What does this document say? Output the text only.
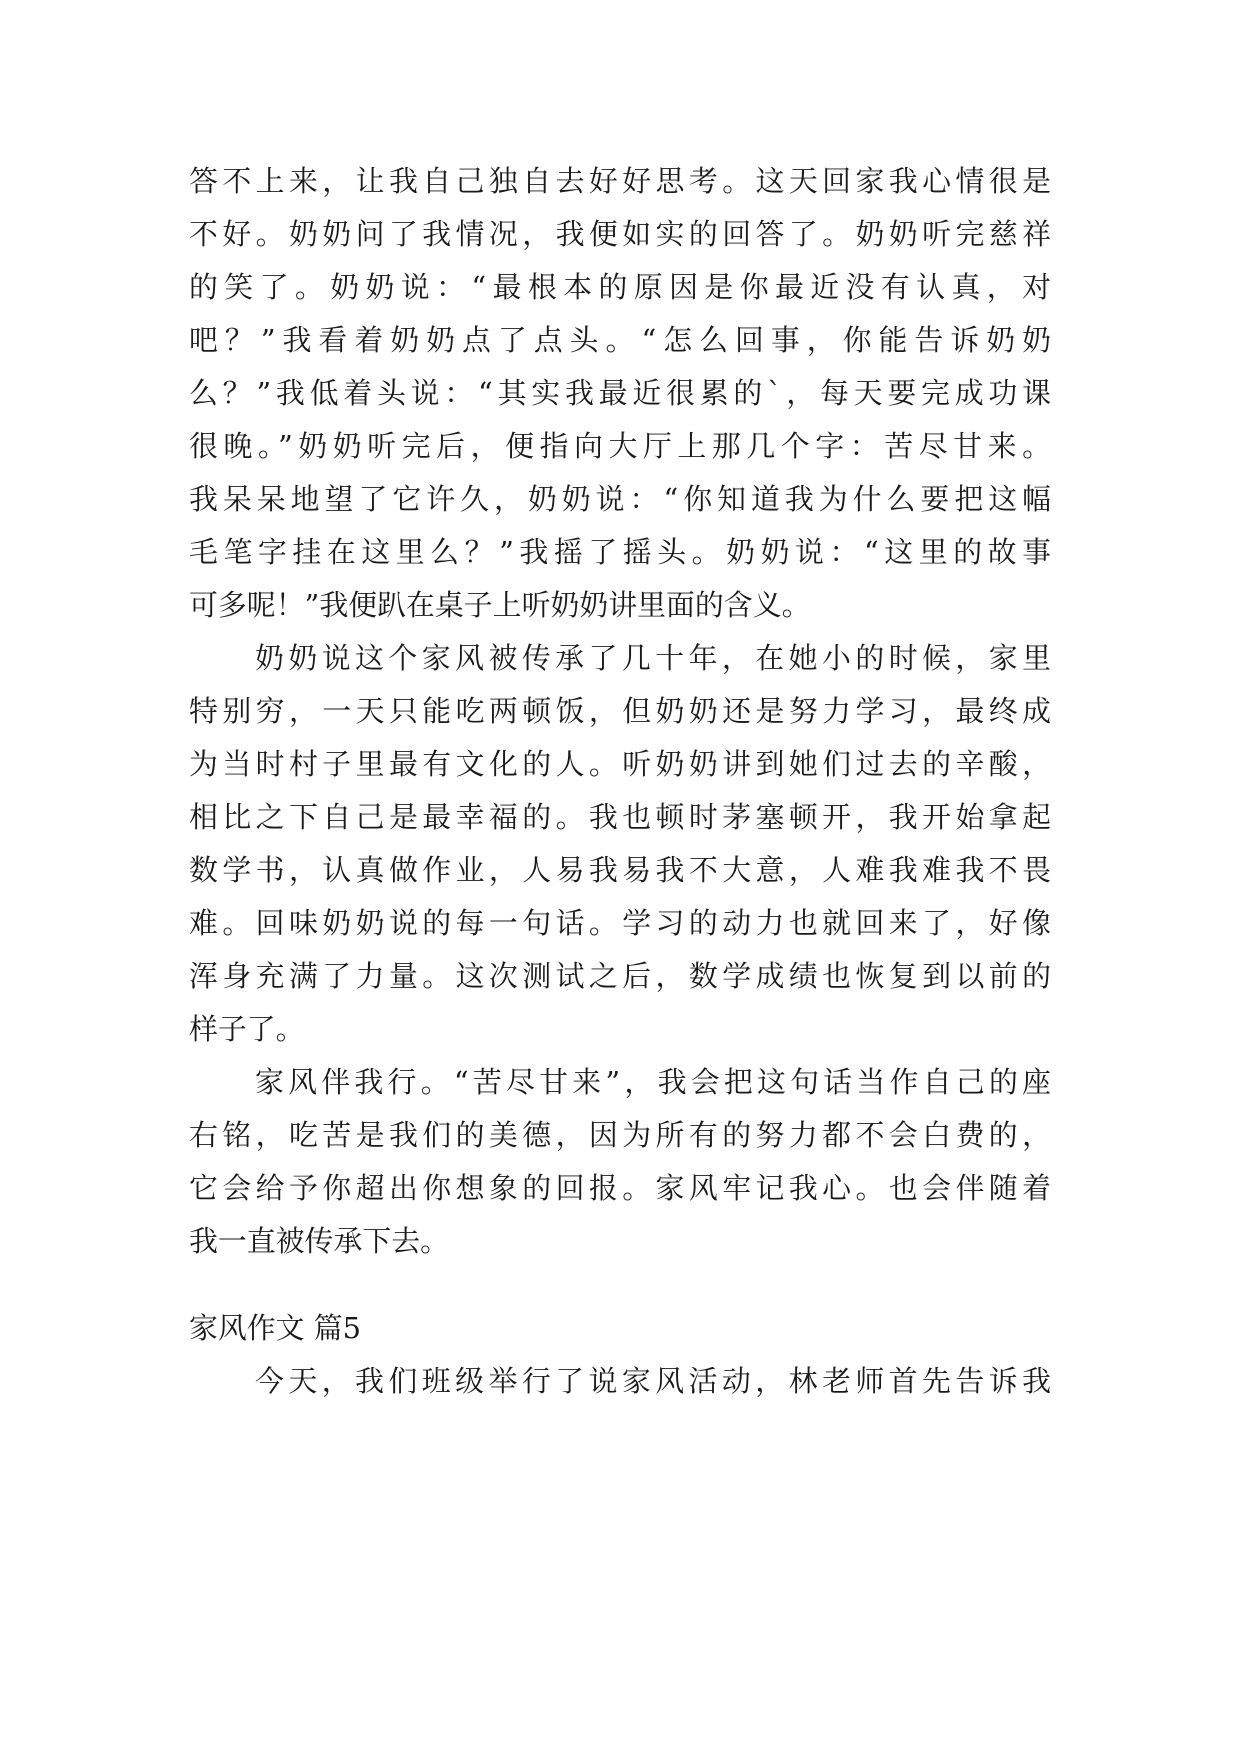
答不上来，让我自己独自去好好思考。这天回家我心情很是
不好。奶奶问了我情况，我便如实的回答了。奶奶听完慈祥
的笑了。奶奶说：“最根本的原因是你最近没有认真，对
吧？”我看着奶奶点了点头。“怎么回事，你能告诉奶奶
么？”我低着头说：“其实我最近很累的`，每天要完成功课
很晚。”奶奶听完后，便指向大厅上那几个字：苦尽甘来。
我呆呆地望了它许久，奶奶说：“你知道我为什么要把这幅
毛笔字挂在这里么？”我摇了摇头。奶奶说：“这里的故事
可多呢！”我便趴在桌子上听奶奶讲里面的含义。
奶奶说这个家风被传承了几十年，在她小的时候，家里
特别穷，一天只能吃两顿饭，但奶奶还是努力学习，最终成
为当时村子里最有文化的人。听奶奶讲到她们过去的辛酸，
相比之下自己是最幸福的。我也顿时茅塞顿开，我开始拿起
数学书，认真做作业，人易我易我不大意，人难我难我不畏
难。回味奶奶说的每一句话。学习的动力也就回来了，好像
浑身充满了力量。这次测试之后，数学成绩也恢复到以前的
样子了。
家风伴我行。“苦尽甘来”，我会把这句话当作自己的座
右铭，吃苦是我们的美德，因为所有的努力都不会白费的，
它会给予你超出你想象的回报。家风牢记我心。也会伴随着
我一直被传承下去。
家风作文 篇5
今天，我们班级举行了说家风活动，林老师首先告诉我
